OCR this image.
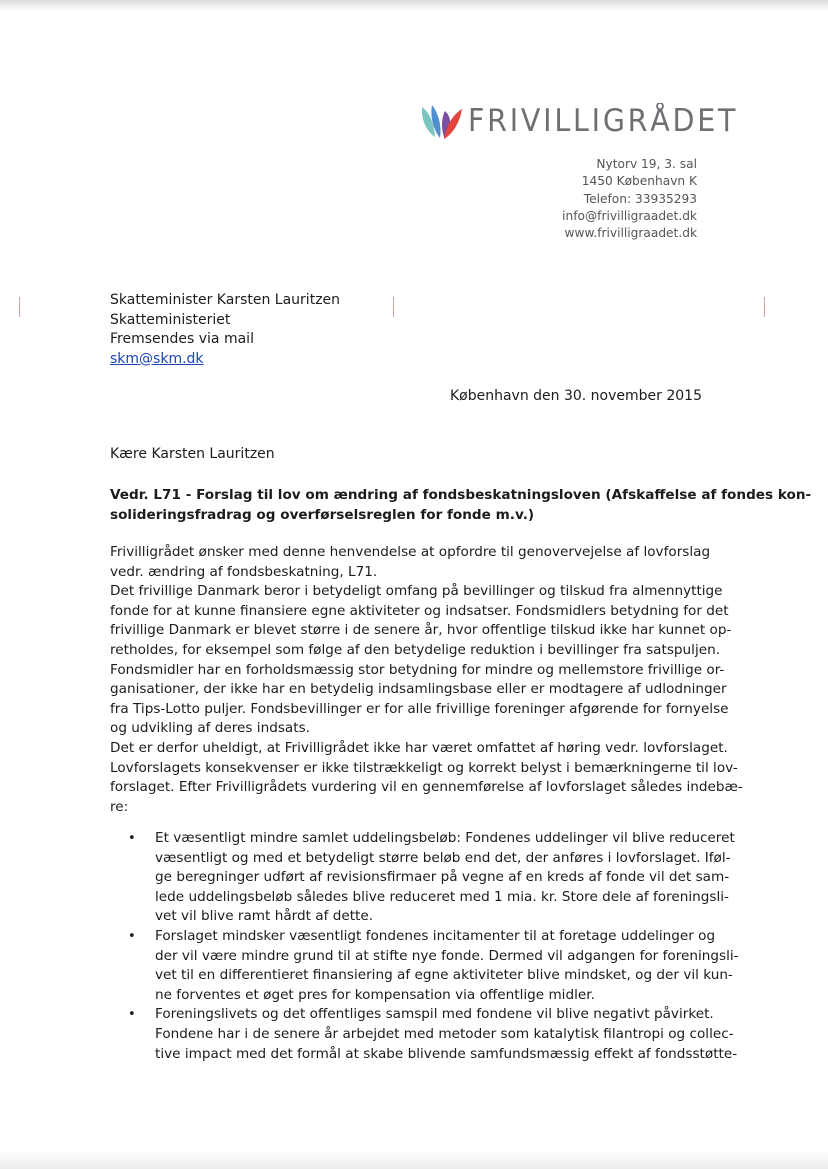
FRIVILLIGRÅDET
Nytorv 19, 3. sal
1450 København K
Telefon: 33935293
info@frivilligraadet.dk
www.frivilligraadet.dk
Skatteminister Karsten Lauritzen
Skatteministeriet
Fremsendes via mail
skm@skm.dk
København den 30. november 2015
Kære Karsten Lauritzen
Vedr. L71 - Forslag til lov om ændring af fondsbeskatningsloven (Afskaffelse af fondes kon-
solideringsfradrag og overførselsreglen for fonde m.v.)
Frivilligrådet ønsker med denne henvendelse at opfordre til genovervejelse af lovforslag
vedr. ændring af fondsbeskatning, L71.
Det frivillige Danmark beror i betydeligt omfang på bevillinger og tilskud fra almennyttige
fonde for at kunne finansiere egne aktiviteter og indsatser. Fondsmidlers betydning for det
frivillige Danmark er blevet større i de senere år, hvor offentlige tilskud ikke har kunnet op-
retholdes, for eksempel som følge af den betydelige reduktion i bevillinger fra satspuljen.
Fondsmidler har en forholdsmæssig stor betydning for mindre og mellemstore frivillige or-
ganisationer, der ikke har en betydelig indsamlingsbase eller er modtagere af udlodninger
fra Tips-Lotto puljer. Fondsbevillinger er for alle frivillige foreninger afgørende for fornyelse
og udvikling af deres indsats.
Det er derfor uheldigt, at Frivilligrådet ikke har været omfattet af høring vedr. lovforslaget.
Lovforslagets konsekvenser er ikke tilstrækkeligt og korrekt belyst i bemærkningerne til lov-
forslaget. Efter Frivilligrådets vurdering vil en gennemførelse af lovforslaget således indebæ-
re:
• Et væsentligt mindre samlet uddelingsbeløb: Fondenes uddelinger vil blive reduceret
væsentligt og med et betydeligt større beløb end det, der anføres i lovforslaget. Iføl-
ge beregninger udført af revisionsfirmaer på vegne af en kreds af fonde vil det sam-
lede uddelingsbeløb således blive reduceret med 1 mia. kr. Store dele af foreningsli-
vet vil blive ramt hårdt af dette.
• Forslaget mindsker væsentligt fondenes incitamenter til at foretage uddelinger og
der vil være mindre grund til at stifte nye fonde. Dermed vil adgangen for foreningsli-
vet til en differentieret finansiering af egne aktiviteter blive mindsket, og der vil kun-
ne forventes et øget pres for kompensation via offentlige midler.
• Foreningslivets og det offentliges samspil med fondene vil blive negativt påvirket.
Fondene har i de senere år arbejdet med metoder som katalytisk filantropi og collec-
tive impact med det formål at skabe blivende samfundsmæssig effekt af fondsstøtte-
